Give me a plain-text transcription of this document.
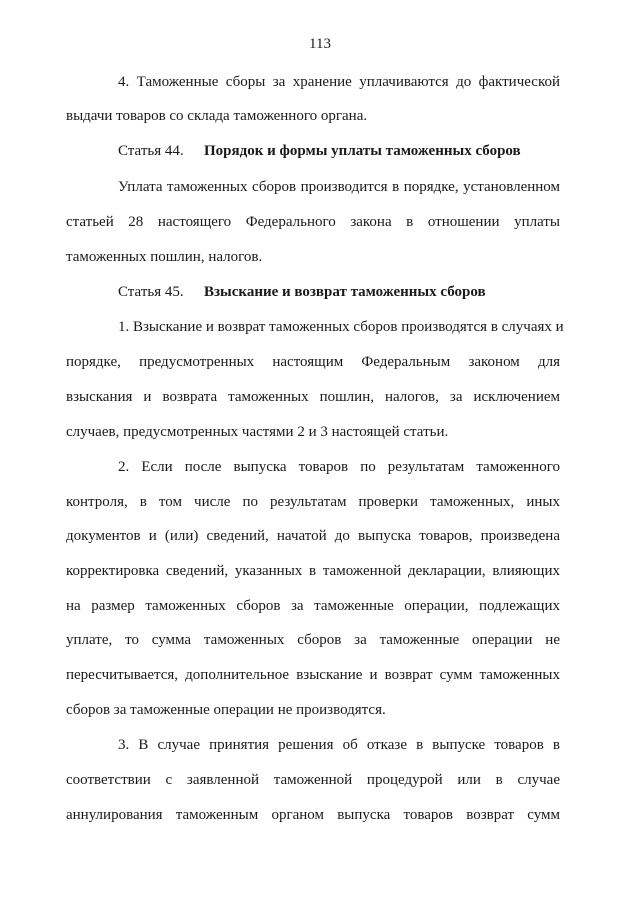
113
4. Таможенные сборы за хранение уплачиваются до фактической
выдачи товаров со склада таможенного органа.
Статья 44. Порядок и формы уплаты таможенных сборов
Уплата таможенных сборов производится в порядке, установленном
статьей 28 настоящего Федерального закона в отношении уплаты
таможенных пошлин, налогов.
Статья 45. Взыскание и возврат таможенных сборов
1. Взыскание и возврат таможенных сборов производятся в случаях и
порядке, предусмотренных настоящим Федеральным законом для
взыскания и возврата таможенных пошлин, налогов, за исключением
случаев, предусмотренных частями 2 и 3 настоящей статьи.
2. Если после выпуска товаров по результатам таможенного
контроля, в том числе по результатам проверки таможенных, иных
документов и (или) сведений, начатой до выпуска товаров, произведена
корректировка сведений, указанных в таможенной декларации, влияющих
на размер таможенных сборов за таможенные операции, подлежащих
уплате, то сумма таможенных сборов за таможенные операции не
пересчитывается, дополнительное взыскание и возврат сумм таможенных
сборов за таможенные операции не производятся.
3. В случае принятия решения об отказе в выпуске товаров в
соответствии с заявленной таможенной процедурой или в случае
аннулирования таможенным органом выпуска товаров возврат сумм
